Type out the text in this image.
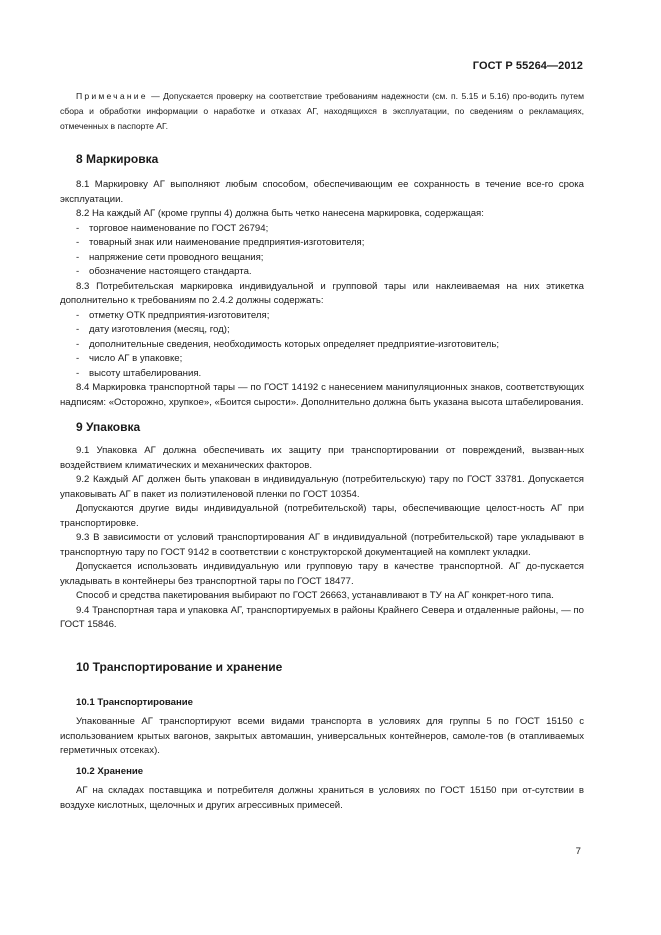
ГОСТ Р 55264—2012

Примечание — Допускается проверку на соответствие требованиям надежности (см. п. 5.15 и 5.16) про-водить путем сбора и обработки информации о наработке и отказах АГ, находящихся в эксплуатации, по сведениям о рекламациях, отмеченных в паспорте АГ.

8 Маркировка

8.1 Маркировку АГ выполняют любым способом, обеспечивающим ее сохранность в течение все-го срока эксплуатации.

8.2 На каждый АГ (кроме группы 4) должна быть четко нанесена маркировка, содержащая:

- торговое наименование по ГОСТ 26794;

- товарный знак или наименование предприятия-изготовителя;

- напряжение сети проводного вещания;

- обозначение настоящего стандарта.

8.3 Потребительская маркировка индивидуальной и групповой тары или наклеиваемая на них этикетка дополнительно к требованиям по 2.4.2 должны содержать:

- отметку ОТК предприятия-изготовителя;

- дату изготовления (месяц, год);

- дополнительные сведения, необходимость которых определяет предприятие-изготовитель;

- число АГ в упаковке;

- высоту штабелирования.

8.4 Маркировка транспортной тары — по ГОСТ 14192 с нанесением манипуляционных знаков, соответствующих надписям: «Осторожно, хрупкое», «Боится сырости». Дополнительно должна быть указана высота штабелирования.

9 Упаковка

9.1 Упаковка АГ должна обеспечивать их защиту при транспортировании от повреждений, вызван-ных воздействием климатических и механических факторов.

9.2 Каждый АГ должен быть упакован в индивидуальную (потребительскую) тару по ГОСТ 33781. Допускается упаковывать АГ в пакет из полиэтиленовой пленки по ГОСТ 10354.

Допускаются другие виды индивидуальной (потребительской) тары, обеспечивающие целост-ность АГ при транспортировке.

9.3 В зависимости от условий транспортирования АГ в индивидуальной (потребительской) таре укладывают в транспортную тару по ГОСТ 9142 в соответствии с конструкторской документацией на комплект укладки.

Допускается использовать индивидуальную или групповую тару в качестве транспортной. АГ до-пускается укладывать в контейнеры без транспортной тары по ГОСТ 18477.

Способ и средства пакетирования выбирают по ГОСТ 26663, устанавливают в ТУ на АГ конкрет-ного типа.

9.4 Транспортная тара и упаковка АГ, транспортируемых в районы Крайнего Севера и отдаленные районы, — по ГОСТ 15846.

10 Транспортирование и хранение
10.1 Транспортирование

Упакованные АГ транспортируют всеми видами транспорта в условиях для группы 5 по ГОСТ 15150 с использованием крытых вагонов, закрытых автомашин, универсальных контейнеров, самоле-тов (в отапливаемых герметичных отсеках).

10.2 Хранение

АГ на складах поставщика и потребителя должны храниться в условиях по ГОСТ 15150 при от-сутствии в воздухе кислотных, щелочных и других агрессивных примесей.

7
